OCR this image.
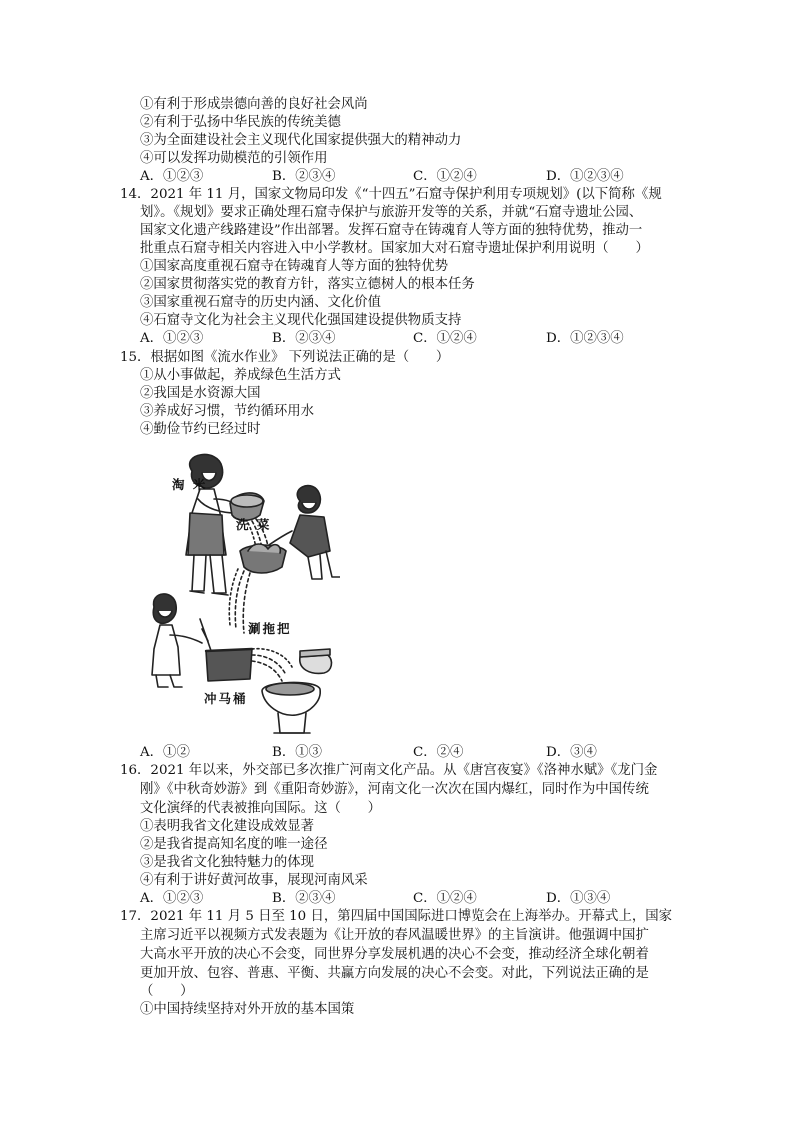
①有利于形成崇德向善的良好社会风尚
②有利于弘扬中华民族的传统美德
③为全面建设社会主义现代化国家提供强大的精神动力
④可以发挥功勋模范的引领作用
A．①②③	B．②③④	C．①②④	D．①②③④
14．2021 年 11 月，国家文物局印发《“十四五”石窟寺保护利用专项规划》(以下简称《规
划》。《规划》要求正确处理石窟寺保护与旅游开发等的关系，并就“石窟寺遗址公园、
国家文化遗产线路建设”作出部署。发挥石窟寺在铸魂育人等方面的独特优势，推动一
批重点石窟寺相关内容进入中小学教材。国家加大对石窟寺遗址保护利用说明（　　）
①国家高度重视石窟寺在铸魂育人等方面的独特优势
②国家贯彻落实党的教育方针，落实立德树人的根本任务
③国家重视石窟寺的历史内涵、文化价值
④石窟寺文化为社会主义现代化强国建设提供物质支持
A．①②③	B．②③④	C．①②④	D．①②③④
15．根据如图《流水作业》 下列说法正确的是（　　）
①从小事做起，养成绿色生活方式
②我国是水资源大国
③养成好习惯，节约循环用水
④勤俭节约已经过时
淘 米
洗 菜
涮拖把
冲马桶
A．①②	B．①③	C．②④	D．③④
16．2021 年以来，外交部已多次推广河南文化产品。从《唐宫夜宴》《洛神水赋》《龙门金
刚》《中秋奇妙游》到《重阳奇妙游》，河南文化一次次在国内爆红，同时作为中国传统
文化演绎的代表被推向国际。这（　　）
①表明我省文化建设成效显著
②是我省提高知名度的唯一途径
③是我省文化独特魅力的体现
④有利于讲好黄河故事，展现河南风采
A．①②③	B．②③④	C．①②④	D．①③④
17．2021 年 11 月 5 日至 10 日，第四届中国国际进口博览会在上海举办。开幕式上，国家
主席习近平以视频方式发表题为《让开放的春风温暖世界》的主旨演讲。他强调中国扩
大高水平开放的决心不会变，同世界分享发展机遇的决心不会变，推动经济全球化朝着
更加开放、包容、普惠、平衡、共赢方向发展的决心不会变。对此，下列说法正确的是
（　　）
①中国持续坚持对外开放的基本国策
